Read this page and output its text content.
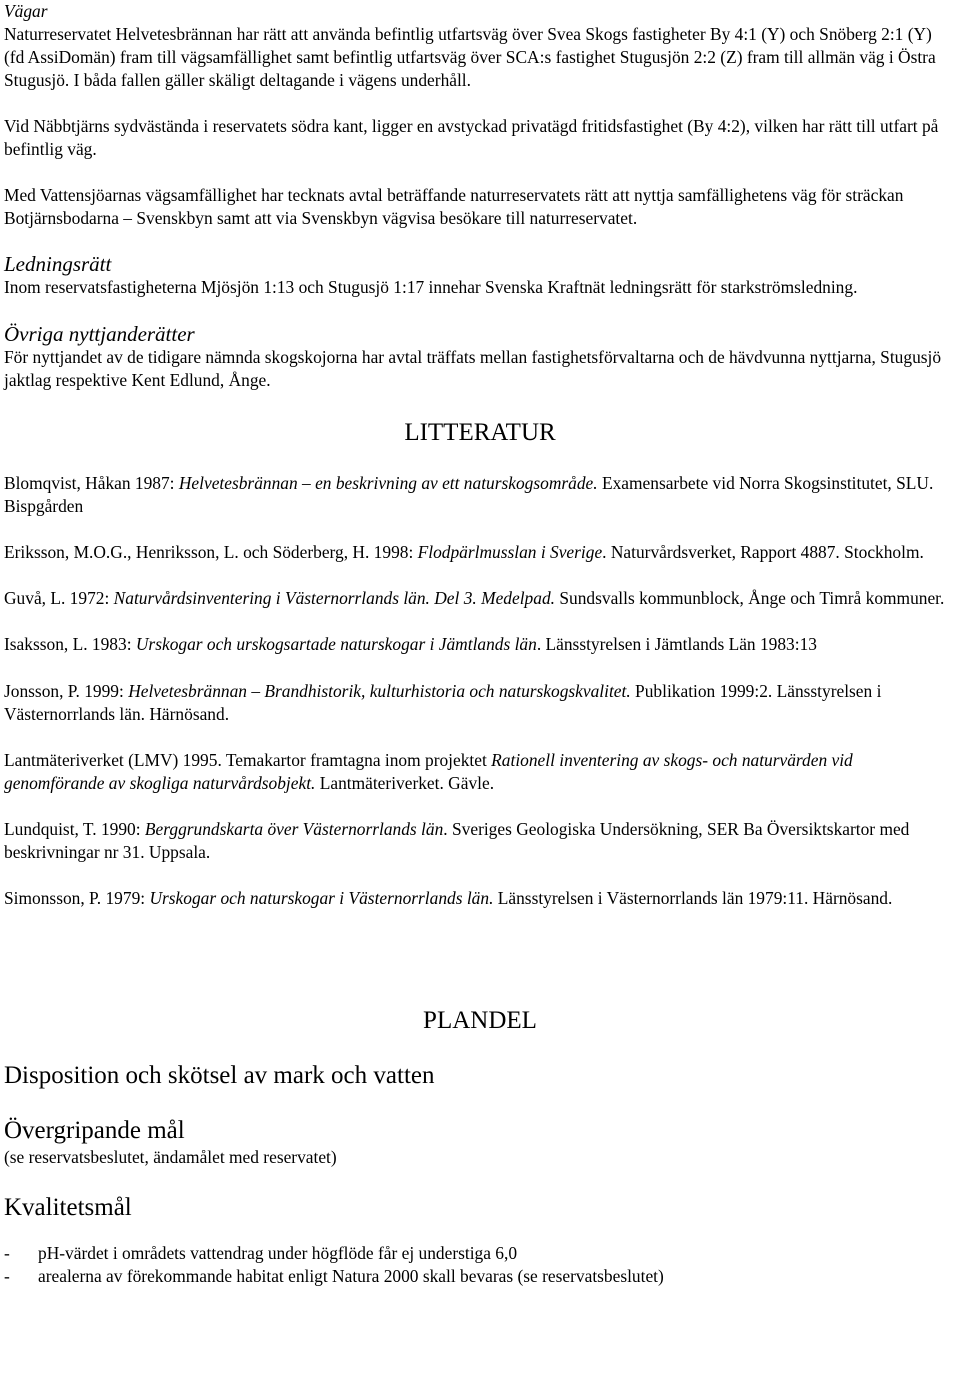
Vägar

Naturreservatet Helvetesbrännan har rätt att använda befintlig utfartsväg över Svea Skogs fastigheter By 4:1 (Y) och Snöberg 2:1 (Y) (fd AssiDomän) fram till vägsamfällighet samt befintlig utfartsväg över SCA:s fastighet Stugusjön 2:2 (Z) fram till allmän väg i Östra Stugusjö. I båda fallen gäller skäligt deltagande i vägens underhåll.

Vid Näbbtjärns sydvästända i reservatets södra kant, ligger en avstyckad privatägd fritidsfastighet (By 4:2), vilken har rätt till utfart på befintlig väg.

Med Vattensjöarnas vägsamfällighet har tecknats avtal beträffande naturreservatets rätt att nyttja samfällighetens väg för sträckan Botjärnsbodarna – Svenskbyn samt att via Svenskbyn vägvisa besökare till naturreservatet.

Ledningsrätt

Inom reservatsfastigheterna Mjösjön 1:13 och Stugusjö 1:17 innehar Svenska Kraftnät ledningsrätt för starkströmsledning.

Övriga nyttjanderätter

För nyttjandet av de tidigare nämnda skogskojorna har avtal träffats mellan fastighetsförvaltarna och de hävdvunna nyttjarna, Stugusjö jaktlag respektive Kent Edlund, Ånge.

LITTERATUR

Blomqvist, Håkan 1987: Helvetesbrännan – en beskrivning av ett naturskogsområde. Examensarbete vid Norra Skogsinstitutet, SLU. Bispgården

Eriksson, M.O.G., Henriksson, L. och Söderberg, H. 1998: Flodpärlmusslan i Sverige. Naturvårdsverket, Rapport 4887. Stockholm.

Guvå, L. 1972: Naturvårdsinventering i Västernorrlands län. Del 3. Medelpad. Sundsvalls kommunblock, Ånge och Timrå kommuner.

Isaksson, L. 1983: Urskogar och urskogsartade naturskogar i Jämtlands län. Länsstyrelsen i Jämtlands Län 1983:13

Jonsson, P. 1999: Helvetesbrännan – Brandhistorik, kulturhistoria och naturskogskvalitet. Publikation 1999:2. Länsstyrelsen i Västernorrlands län. Härnösand.

Lantmäteriverket (LMV) 1995. Temakartor framtagna inom projektet Rationell inventering av skogs- och naturvärden vid genomförande av skogliga naturvårdsobjekt. Lantmäteriverket. Gävle.

Lundquist, T. 1990: Berggrundskarta över Västernorrlands län. Sveriges Geologiska Undersökning, SER Ba Översiktskartor med beskrivningar nr 31. Uppsala.

Simonsson, P. 1979: Urskogar och naturskogar i Västernorrlands län. Länsstyrelsen i Västernorrlands län 1979:11. Härnösand.

PLANDEL

Disposition och skötsel av mark och vatten

Övergripande mål

(se reservatsbeslutet, ändamålet med reservatet)

Kvalitetsmål

- pH-värdet i områdets vattendrag under högflöde får ej understiga 6,0
- arealerna av förekommande habitat enligt Natura 2000 skall bevaras (se reservatsbeslutet)
